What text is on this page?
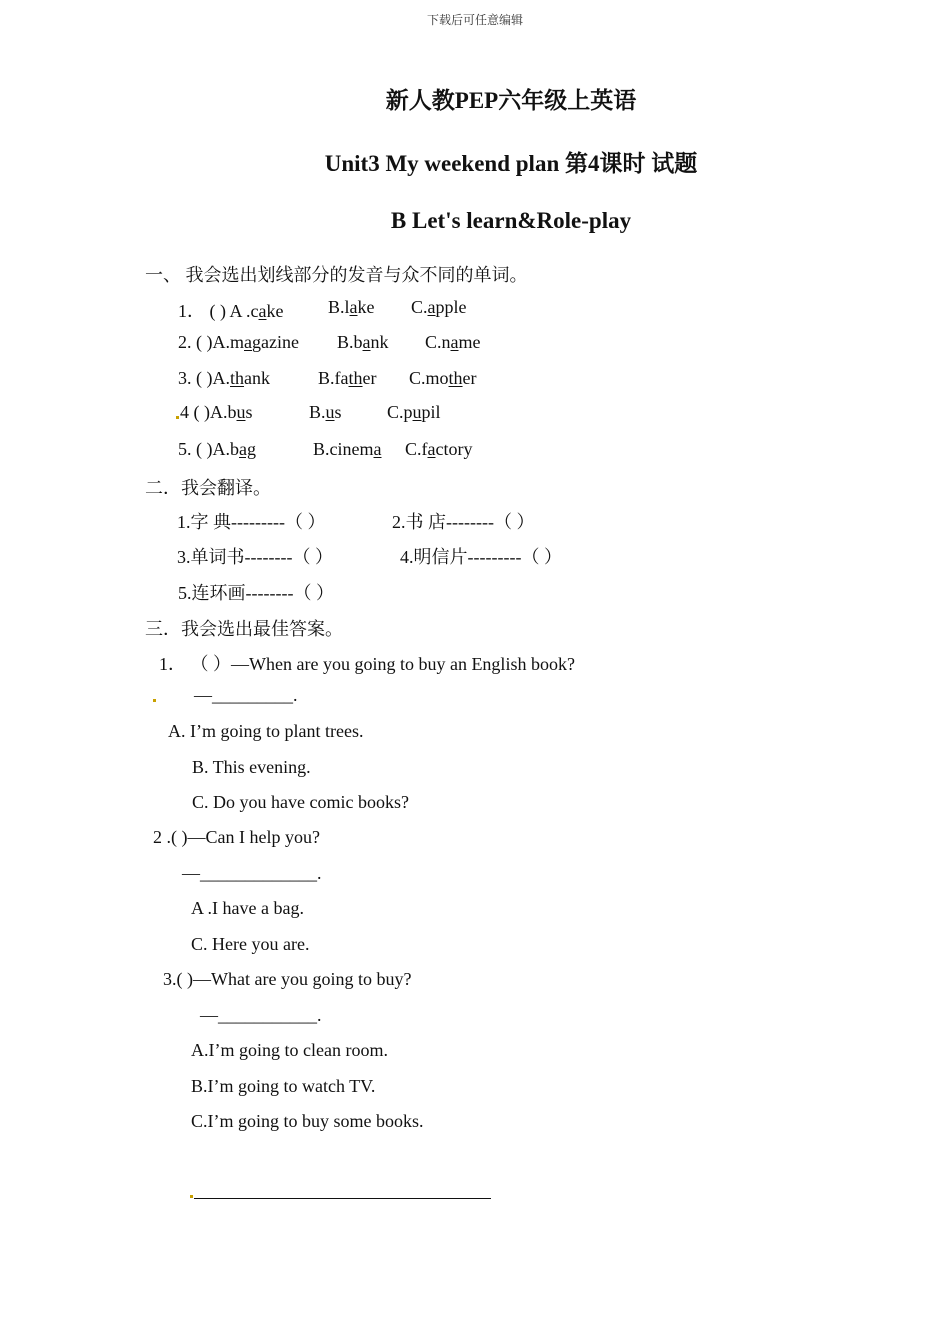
下载后可任意编辑
新人教PEP六年级上英语
Unit3 My weekend plan 第4课时 试题
B Let's learn&Role-play
一、 我会选出划线部分的发音与众不同的单词。
1． ( ) A .cake B.lake C.apple
2. ( )A.magazine B.bank C.name
3. ( )A.thank	B.father C.mother
4 ( )A.bus	B.us	C.pupil
5. ( )A.bag	B.cinema C.factory
二．我会翻译。
1.字 典---------（ ）	2.书 店--------（ ）
3.单词书--------（ ）	4.明信片---------（ ）
5.连环画--------（ ）
三．我会选出最佳答案。
1． （ ）—When are you going to buy an English book?
—_________.
A. I’m going to plant trees.
B. This evening.
C. Do you have comic books?
2 .( )—Can I help you?
—_____________.
A .I have a bag.
C. Here you are.
3.( )—What are you going to buy?
—___________.
A.I’m going to clean room.
B.I’m going to watch TV.
C.I’m going to buy some books.
